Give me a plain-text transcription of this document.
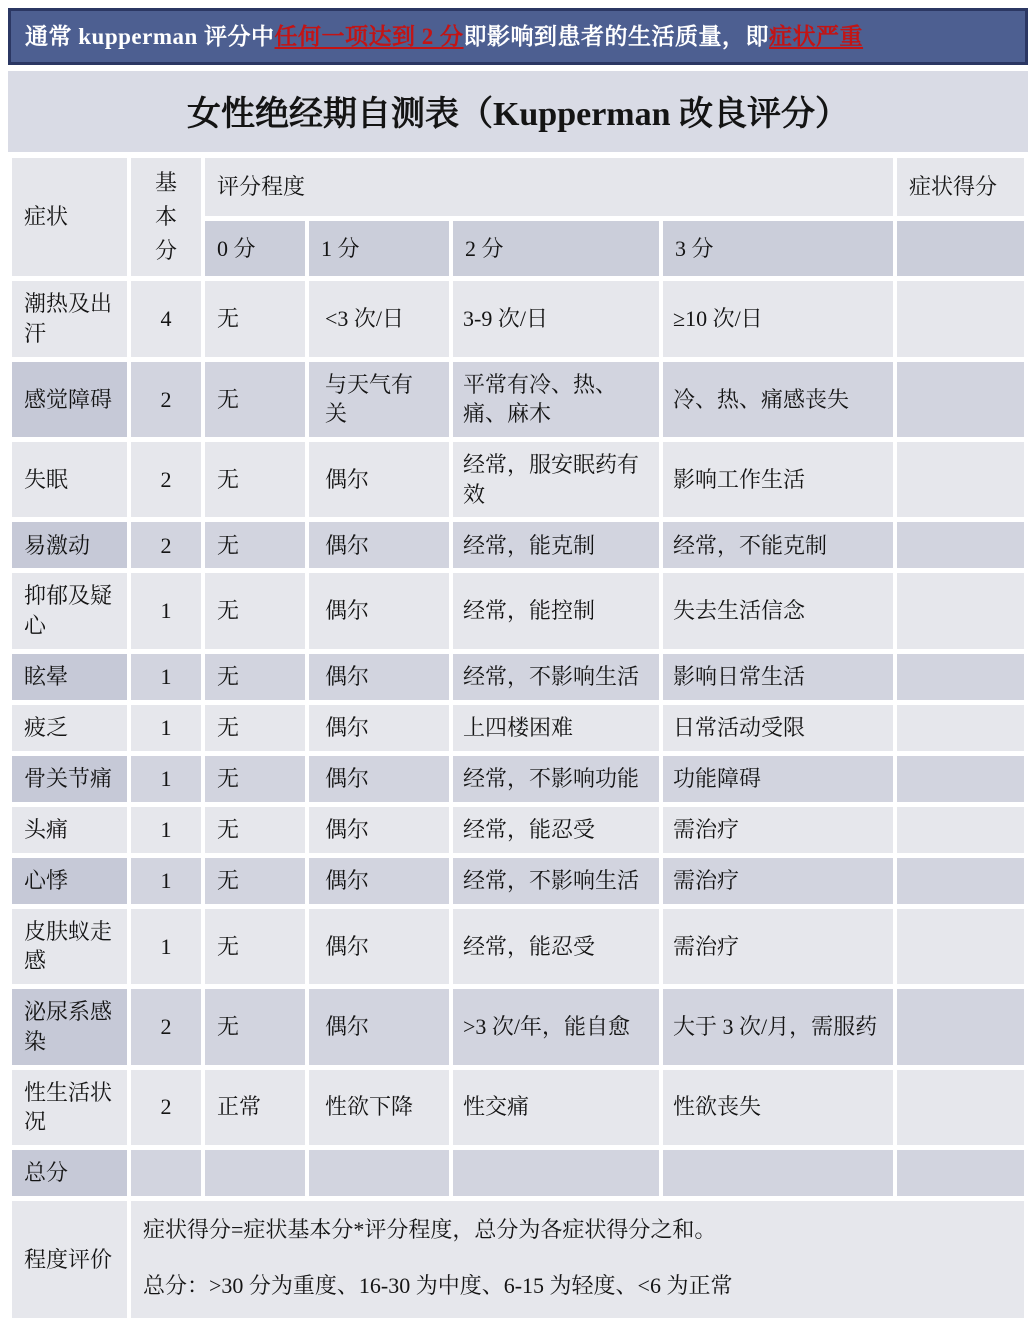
通常 kupperman 评分中任何一项达到 2 分即影响到患者的生活质量，即症状严重
女性绝经期自测表（Kupperman 改良评分）
症状	基本分	评分程度				症状得分
		0 分	1 分	2 分	3 分	
潮热及出汗	4	无	<3 次/日	3-9 次/日	≥10 次/日	
感觉障碍	2	无	与天气有关	平常有冷、热、痛、麻木	冷、热、痛感丧失	
失眠	2	无	偶尔	经常，服安眠药有效	影响工作生活	
易激动	2	无	偶尔	经常，能克制	经常，不能克制	
抑郁及疑心	1	无	偶尔	经常，能控制	失去生活信念	
眩晕	1	无	偶尔	经常，不影响生活	影响日常生活	
疲乏	1	无	偶尔	上四楼困难	日常活动受限	
骨关节痛	1	无	偶尔	经常，不影响功能	功能障碍	
头痛	1	无	偶尔	经常，能忍受	需治疗	
心悸	1	无	偶尔	经常，不影响生活	需治疗	
皮肤蚁走感	1	无	偶尔	经常，能忍受	需治疗	
泌尿系感染	2	无	偶尔	>3 次/年，能自愈	大于 3 次/月，需服药	
性生活状况	2	正常	性欲下降	性交痛	性欲丧失	
总分						
程度评价	症状得分=症状基本分*评分程度，总分为各症状得分之和。

总分：>30 分为重度、16-30 为中度、6-15 为轻度、<6 为正常					
